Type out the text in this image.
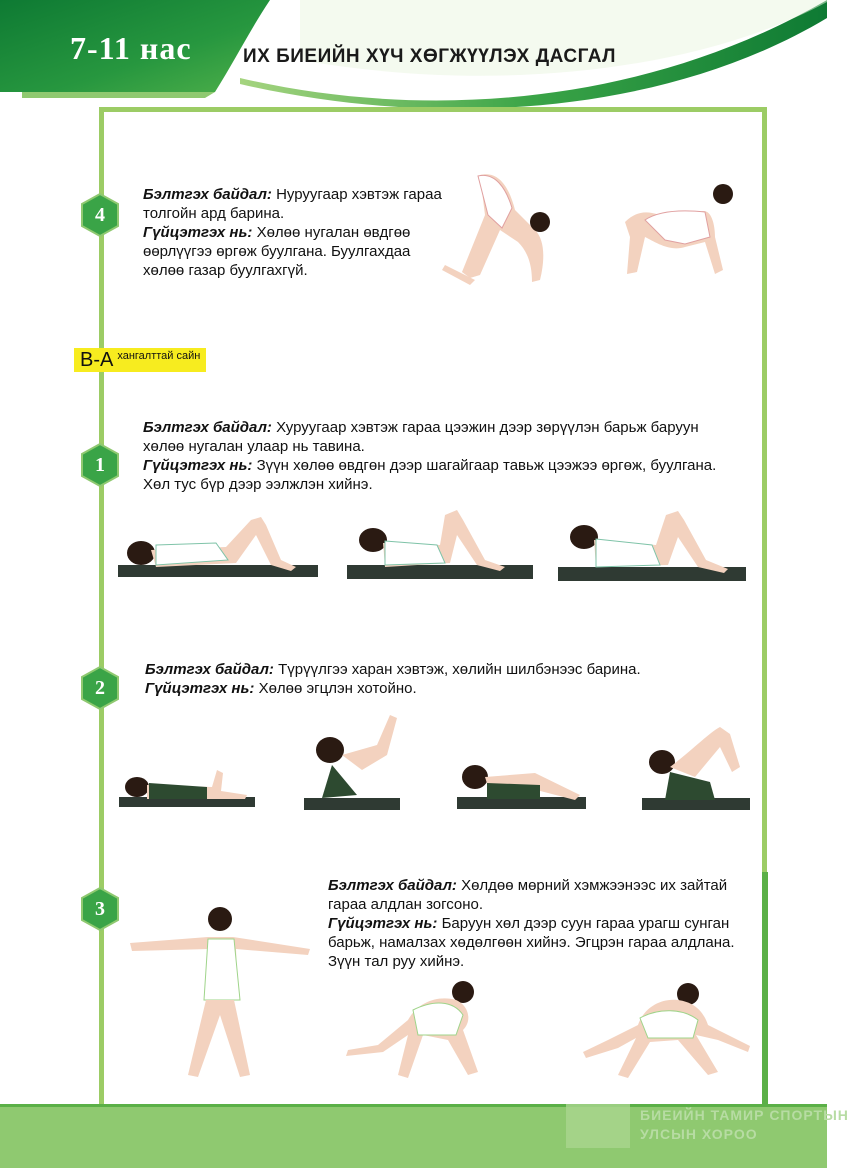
7-11 нас	ИХ БИЕИЙН ХҮЧ ХӨГЖҮҮЛЭХ ДАСГАЛ
4
Бэлтгэх байдал: Нуруугаар хэвтэж гараа толгойн ард барина.
Гүйцэтгэх нь: Хөлөө нугалан өвдгөө өөрлүүгээ өргөж буулгана. Буулгахдаа хөлөө газар буулгахгүй.
B-A хангалттай сайн
1
Бэлтгэх байдал: Хуруугаар хэвтэж гараа цээжин дээр зөрүүлэн барьж баруун хөлөө нугалан улаар нь тавина.
Гүйцэтгэх нь: Зүүн хөлөө өвдгөн дээр шагайгаар тавьж цээжээ өргөж, буулгана. Хөл тус бүр дээр ээлжлэн хийнэ.
2
Бэлтгэх байдал: Түрүүлгээ харан хэвтэж, хөлийн шилбэнээс барина.
Гүйцэтгэх нь: Хөлөө эгцлэн хотойно.
3
Бэлтгэх байдал: Хөлдөө мөрний хэмжээнээс их зайтай гараа алдлан зогсоно.
Гүйцэтгэх нь: Баруун хөл дээр суун гараа урагш сунган барьж, намалзах хөдөлгөөн хийнэ. Эгцрэн гараа алдлана. Зүүн тал руу хийнэ.
БИЕИЙН ТАМИР СПОРТЫН
УЛСЫН ХОРОО
